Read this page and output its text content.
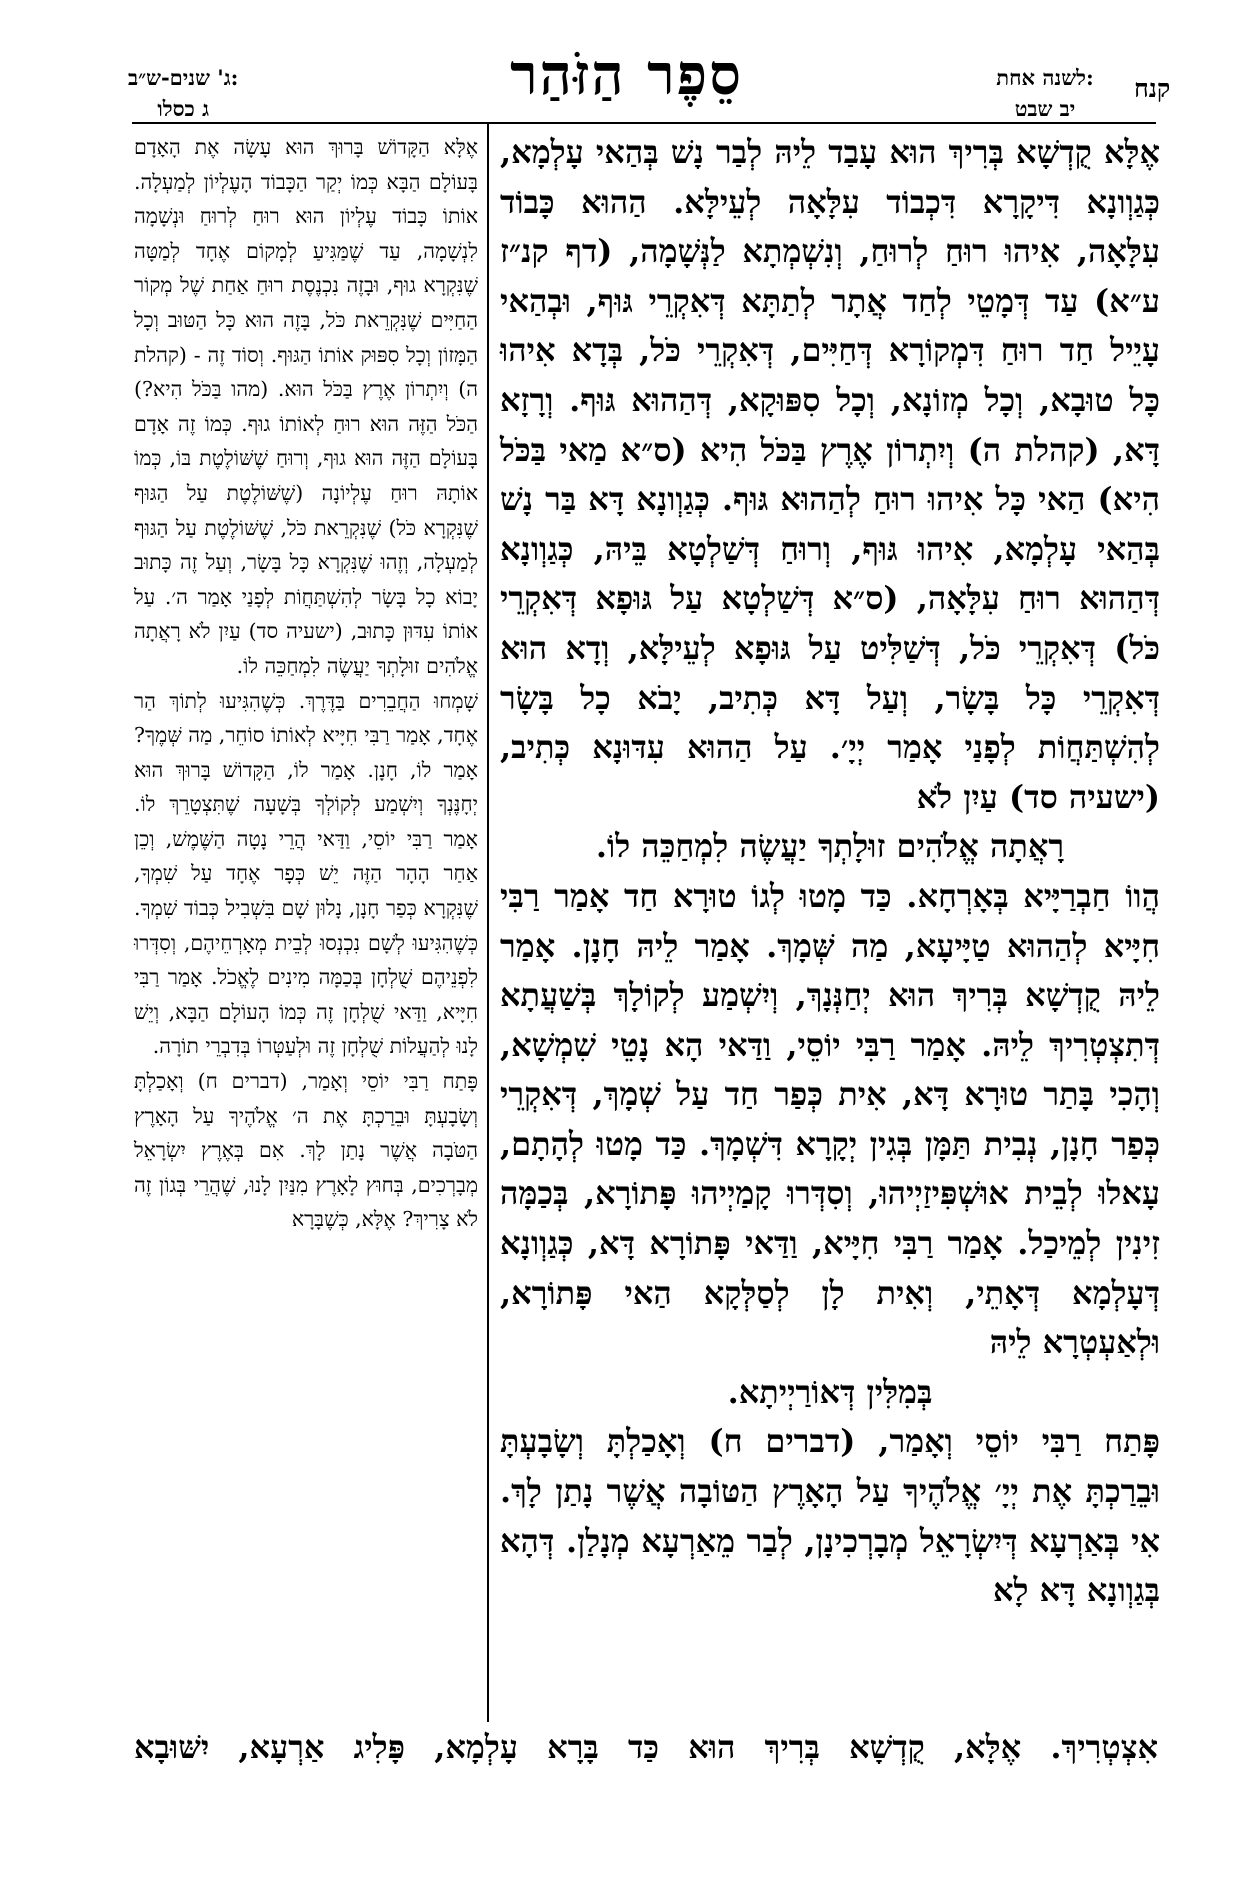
ג' שנים-ש״ב:
ג כסלו
סֵפֶר הַזֹּהַר	לשנה אחת:
יב שבט
קנח

אֶלָּא קֻדְשָׁא בְּרִיךְ הוּא עָבַד לֵיהּ לְבַר נָשׁ בְּהַאי עָלְמָא, כְּגַוְונָא דִּיקָרָא דִּכְבוֹד עִלָּאָה לְעֵילָּא. הַהוּא כָּבוֹד עִלָּאָה, אִיהוּ רוּחַ לְרוּחַ, וְנִשְׁמְתָא לַנְּשָׁמָה, (דף קנ״ז ע״א) עַד דְּמָטֵי לְחַד אֲתָר לְתַתָּא דְּאִקְרֵי גּוּף, וּבְהַאי עָיֵיל חַד רוּחַ דִּמְקוֹרָא דְּחַיִּים, דְּאִקְרֵי כֹּל, בְּדָא אִיהוּ כָּל טוּבָא, וְכָל מְזוֹנָא, וְכָל סִפּוּקָא, דְּהַהוּא גּוּף. וְרָזָא דָּא, (קהלת ה) וְיִתְרוֹן אֶרֶץ בַּכֹּל הִיא (ס״א מַאי בַּכֹּל הִיא) הַאי כָּל אִיהוּ רוּחַ לְהַהוּא גּוּף. כְּגַוְונָא דָּא בַּר נָשׁ בְּהַאי עָלְמָא, אִיהוּ גּוּף, וְרוּחַ דְּשַׁלְטָא בֵּיהּ, כְּגַוְונָא דְּהַהוּא רוּחַ עִלָּאָה, (ס״א דְּשַׁלְטָא עַל גּוּפָא דְּאִקְרֵי כֹּל) דְּאִקְרֵי כֹּל, דְּשַׁלִּיט עַל גּוּפָא לְעֵילָּא, וְדָא הוּא דְּאִקְרֵי כָּל בָּשָׂר, וְעַל דָּא כְּתִיב, יָבֹא כָל בָּשָׂר לְהִשְׁתַּחֲוֹת לְפָנַי אָמַר יְיָ׳. עַל הַהוּא עִדּוּנָא כְּתִיב, (ישעיה סד) עַיִן לֹא

רָאֲתָה אֱלֹהִים זוּלָתְךָ יַעֲשֶׂה לִמְחַכֵּה לוֹ.

הֲווֹ חַבְרַיָּיא בְּאָרְחָא. כַּד מָטוּ לְגוֹ טוּרָא חַד אָמַר רַבִּי חִיָּיא לְהַהוּא טַיָּיעָא, מַה שְּׁמָךְ. אָמַר לֵיהּ חָנָן. אָמַר לֵיהּ קֻדְשָׁא בְּרִיךְ הוּא יְחַנְּנָךְ, וְיִשְׁמַע לְקוֹלָךְ בְּשַׁעֲתָא דְּתִצְטְרִיךְ לֵיהּ. אָמַר רַבִּי יוֹסֵי, וַדַּאי הָא נָטֵי שִׁמְשָׁא, וְהָכִי בָּתַר טוּרָא דָּא, אִית כְּפַר חַד עַל שְׁמָךְ, דְּאִקְרֵי כְּפַר חָנָן, נְבִית תַּמָּן בְּגִין יְקָרָא דִּשְׁמָךְ. כַּד מָטוּ לְהָתָם, עָאלוּ לְבֵית אוּשְׁפִּיזַיְיהוּ, וְסִדְּרוּ קָמַיְיהוּ פָּתוֹרָא, בְּכַמָּה זִינִין לְמֵיכַל. אָמַר רַבִּי חִיָּיא, וַדַּאי פָּתוֹרָא דָּא, כְּגַוְונָא דְּעָלְמָא דְּאָתֵי, וְאִית לָן לְסַלְּקָא הַאי פָּתוֹרָא, וּלְאַעְטְרָא לֵיהּ

בְּמִלִּין דְּאוֹרַיְיתָא.

פָּתַח רַבִּי יוֹסֵי וְאָמַר, (דברים ח) וְאָכַלְתָּ וְשָׂבָעְתָּ וּבֵרַכְתָּ אֶת יְיָ׳ אֱלֹהֶיךָ עַל הָאָרֶץ הַטּוֹבָה אֲשֶׁר נָתַן לָךְ. אִי בְּאַרְעָא דְּיִשְׂרָאֵל מְבָרְכִינָן, לְבַר מֵאַרְעָא מְנָלַן. דְּהָא בְּגַוְונָא דָּא לָא

אֶלָּא הַקָּדוֹשׁ בָּרוּךְ הוּא עָשָׂה אֶת הָאָדָם בָּעוֹלָם הַבָּא כְּמוֹ יְקַר הַכָּבוֹד הָעֶלְיוֹן לְמַעְלָה. אוֹתוֹ כָּבוֹד עֶלְיוֹן הוּא רוּחַ לְרוּחַ וּנְשָׁמָה לִנְשָׁמָה, עַד שֶׁמַּגִּיעַ לְמָקוֹם אֶחָד לְמַטָּה שֶׁנִּקְרָא גוּף, וּבָזֶה נִכְנֶסֶת רוּחַ אַחַת שֶׁל מְקוֹר הַחַיִּים שֶׁנִּקְרֵאת כֹּל, בָּזֶה הוּא כָּל הַטּוּב וְכָל הַמָּזוֹן וְכָל סִפּוּק אוֹתוֹ הַגּוּף. וְסוֹד זֶה - (קהלת ה) וְיִתְרוֹן אֶרֶץ בַּכֹּל הוּא. (מהו בַּכֹּל הִיא?) הַכֹּל הַזֶּה הוּא רוּחַ לְאוֹתוֹ גוּף. כְּמוֹ זֶה אָדָם בָּעוֹלָם הַזֶּה הוּא גוּף, וְרוּחַ שֶׁשּׁוֹלֶטֶת בּוֹ, כְּמוֹ אוֹתָהּ רוּחַ עֶלְיוֹנָה (שֶׁשּׁוֹלֶטֶת עַל הַגּוּף שֶׁנִּקְרָא כֹּל) שֶׁנִּקְרֵאת כֹּל, שֶׁשּׁוֹלֶטֶת עַל הַגּוּף לְמַעְלָה, וְזֶהוּ שֶׁנִּקְרָא כָּל בָּשָׂר, וְעַל זֶה כָּתוּב יָבוֹא כָל בָּשָׂר לְהִשְׁתַּחֲוֹת לְפָנַי אָמַר ה׳. עַל אוֹתוֹ עִדּוּן כָּתוּב, (ישעיה סד) עַיִן לֹא רָאֲתָה אֱלֹהִים זוּלָתְךָ יַעֲשֶׂה לִמְחַכֵּה לוֹ.

שָׁמְחוּ הַחֲבֵרִים בַּדֶּרֶךְ. כְּשֶׁהִגִּיעוּ לְתוֹךְ הַר אֶחָד, אָמַר רַבִּי חִיָּיא לְאוֹתוֹ סוֹחֵר, מַה שְּׁמֶךָ? אָמַר לוֹ, חָנָן. אָמַר לוֹ, הַקָּדוֹשׁ בָּרוּךְ הוּא יְחָנֶּנְךָ וְיִשְׁמַע לְקוֹלְךָ בְּשָׁעָה שֶׁתִּצְטָרֵךְ לוֹ. אָמַר רַבִּי יוֹסֵי, וַדַּאי הֲרֵי נָטָה הַשֶּׁמֶשׁ, וְכֵן אַחַר הָהָר הַזֶּה יֵשׁ כְּפָר אֶחָד עַל שִׁמְךָ, שֶׁנִּקְרָא כְּפַר חָנָן, נָלוּן שָׁם בִּשְׁבִיל כְּבוֹד שִׁמְךָ. כְּשֶׁהִגִּיעוּ לְשָׁם נִכְנְסוּ לְבֵית מְאָרְחֵיהֶם, וְסִדְּרוּ לִפְנֵיהֶם שֻׁלְחָן בְּכַמָּה מִינִים לֶאֱכֹל. אָמַר רַבִּי חִיָּיא, וַדַּאי שֻׁלְחָן זֶה כְּמוֹ הָעוֹלָם הַבָּא, וְיֵשׁ לָנוּ לְהַעֲלוֹת שֻׁלְחָן זֶה וּלְעַטְּרוֹ בְּדִבְרֵי תוֹרָה.

פָּתַח רַבִּי יוֹסֵי וְאָמַר, (דברים ח) וְאָכַלְתָּ וְשָׂבָעְתָּ וּבֵרַכְתָּ אֶת ה׳ אֱלֹהֶיךָ עַל הָאָרֶץ הַטֹּבָה אֲשֶׁר נָתַן לָךְ. אִם בְּאֶרֶץ יִשְׂרָאֵל מְבָרְכִים, בְּחוּץ לָאָרֶץ מִנַּיִן לָנוּ, שֶׁהֲרֵי בְּגוֹן זֶה לֹא צָרִיךְ? אֶלָּא, כְּשֶׁבָּרָא

אִצְטְרִיךְ. אֶלָּא, קֻדְשָׁא בְּרִיךְ הוּא כַּד בָּרָא עָלְמָא, פָּלִיג אַרְעָא, יִשּׁוּבָא
